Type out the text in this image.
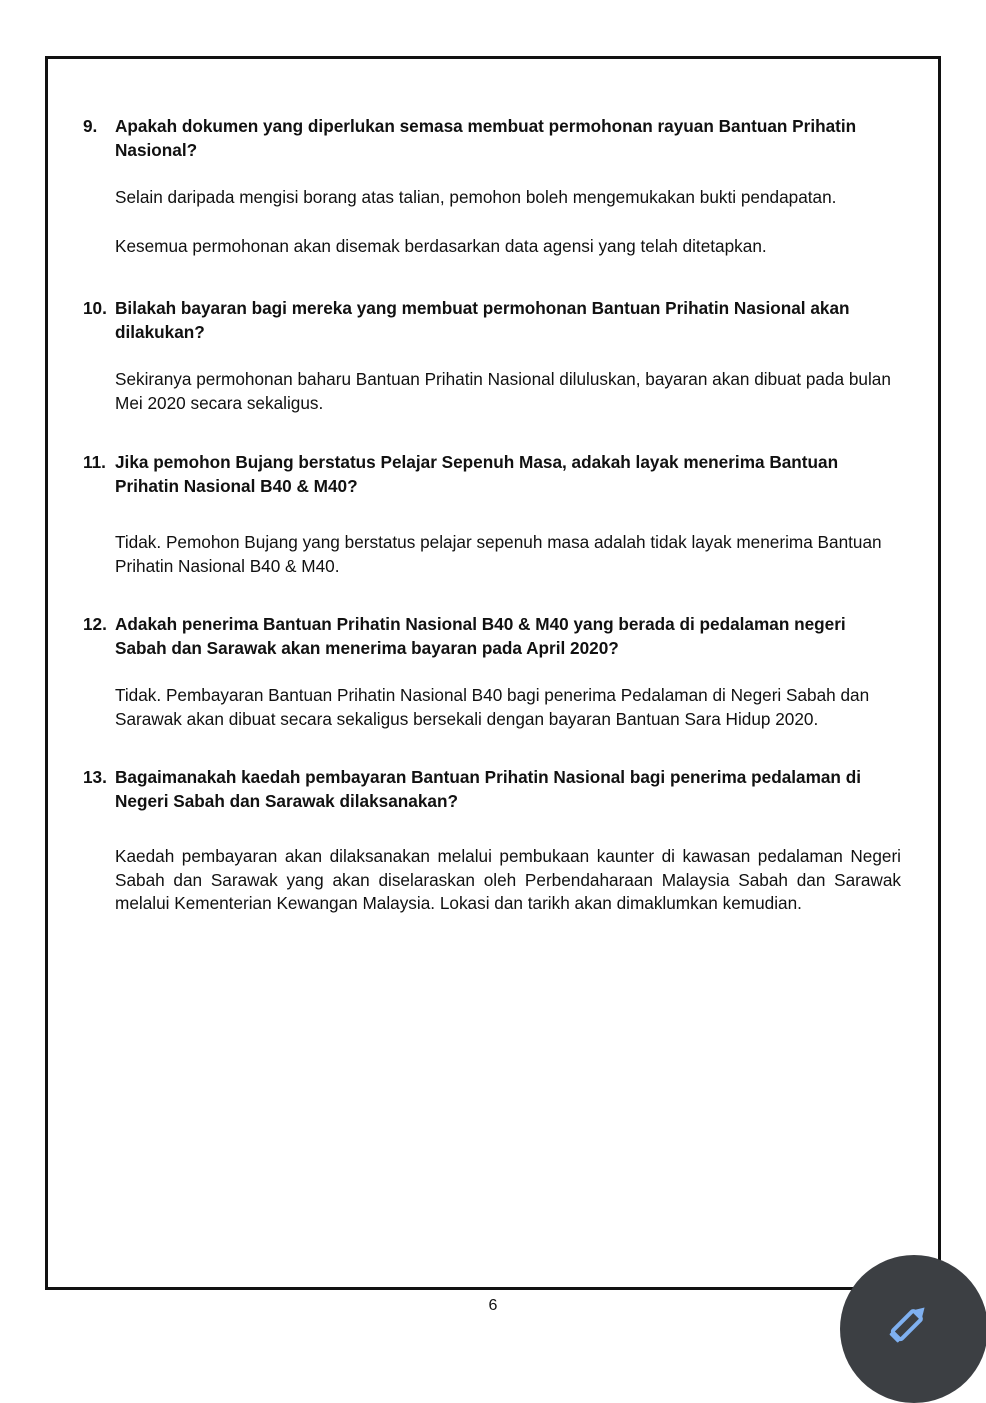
9. Apakah dokumen yang diperlukan semasa membuat permohonan rayuan Bantuan Prihatin Nasional?

Selain daripada mengisi borang atas talian, pemohon boleh mengemukakan bukti pendapatan.

Kesemua permohonan akan disemak berdasarkan data agensi yang telah ditetapkan.

10. Bilakah bayaran bagi mereka yang membuat permohonan Bantuan Prihatin Nasional akan dilakukan?

Sekiranya permohonan baharu Bantuan Prihatin Nasional diluluskan, bayaran akan dibuat pada bulan Mei 2020 secara sekaligus.

11. Jika pemohon Bujang berstatus Pelajar Sepenuh Masa, adakah layak menerima Bantuan Prihatin Nasional B40 & M40?

Tidak. Pemohon Bujang yang berstatus pelajar sepenuh masa adalah tidak layak menerima Bantuan Prihatin Nasional B40 & M40.

12. Adakah penerima Bantuan Prihatin Nasional B40 & M40 yang berada di pedalaman negeri Sabah dan Sarawak akan menerima bayaran pada April 2020?

Tidak. Pembayaran Bantuan Prihatin Nasional B40 bagi penerima Pedalaman di Negeri Sabah dan Sarawak akan dibuat secara sekaligus bersekali dengan bayaran Bantuan Sara Hidup 2020.

13. Bagaimanakah kaedah pembayaran Bantuan Prihatin Nasional bagi penerima pedalaman di Negeri Sabah dan Sarawak dilaksanakan?

Kaedah pembayaran akan dilaksanakan melalui pembukaan kaunter di kawasan pedalaman Negeri Sabah dan Sarawak yang akan diselaraskan oleh Perbendaharaan Malaysia Sabah dan Sarawak melalui Kementerian Kewangan Malaysia. Lokasi dan tarikh akan dimaklumkan kemudian.

6
